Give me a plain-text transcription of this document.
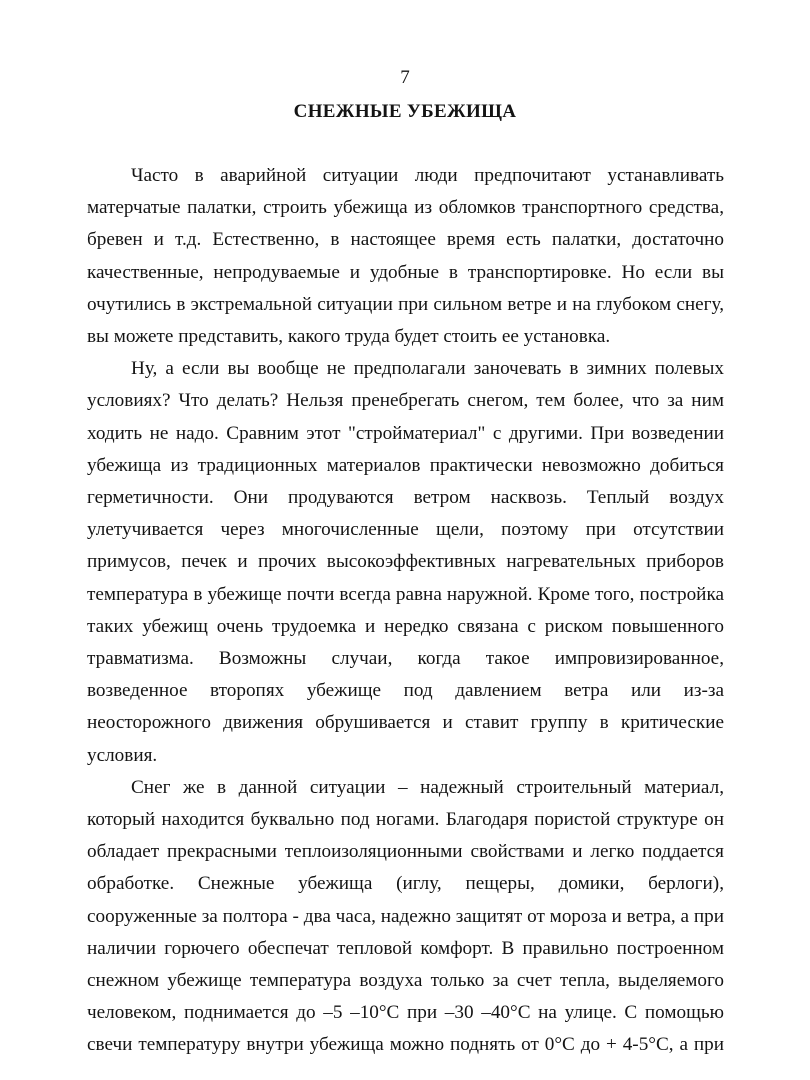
7
СНЕЖНЫЕ УБЕЖИЩА

Часто в аварийной ситуации люди предпочитают устанавливать матерчатые палатки, строить убежища из обломков транспортного средства, бревен и т.д. Естественно, в настоящее время есть палатки, достаточно качественные, непродуваемые и удобные в транспортировке. Но если вы очутились в экстремальной ситуации при сильном ветре и на глубоком снегу, вы можете представить, какого труда будет стоить ее установка.

Ну, а если вы вообще не предполагали заночевать в зимних полевых условиях? Что делать? Нельзя пренебрегать снегом, тем более, что за ним ходить не надо. Сравним этот "стройматериал" с другими. При возведении убежища из традиционных материалов практически невозможно добиться герметичности. Они продуваются ветром насквозь. Теплый воздух улетучивается через многочисленные щели, поэтому при отсутствии примусов, печек и прочих высокоэффективных нагревательных приборов температура в убежище почти всегда равна наружной. Кроме того, постройка таких убежищ очень трудоемка и нередко связана с риском повышенного травматизма. Возможны случаи, когда такое импровизированное, возведенное второпях убежище под давлением ветра или из-за неосторожного движения обрушивается и ставит группу в критические условия.

Снег же в данной ситуации – надежный строительный материал, который находится буквально под ногами. Благодаря пористой структуре он обладает прекрасными теплоизоляционными свойствами и легко поддается обработке. Снежные убежища (иглу, пещеры, домики, берлоги), сооруженные за полтора - два часа, надежно защитят от мороза и ветра, а при наличии горючего обеспечат тепловой комфорт. В правильно построенном снежном убежище температура воздуха только за счет тепла, выделяемого человеком, поднимается до –5 –10°С при –30 –40°С на улице. С помощью свечи температуру внутри убежища можно поднять от 0°С до + 4-5°С, а при
